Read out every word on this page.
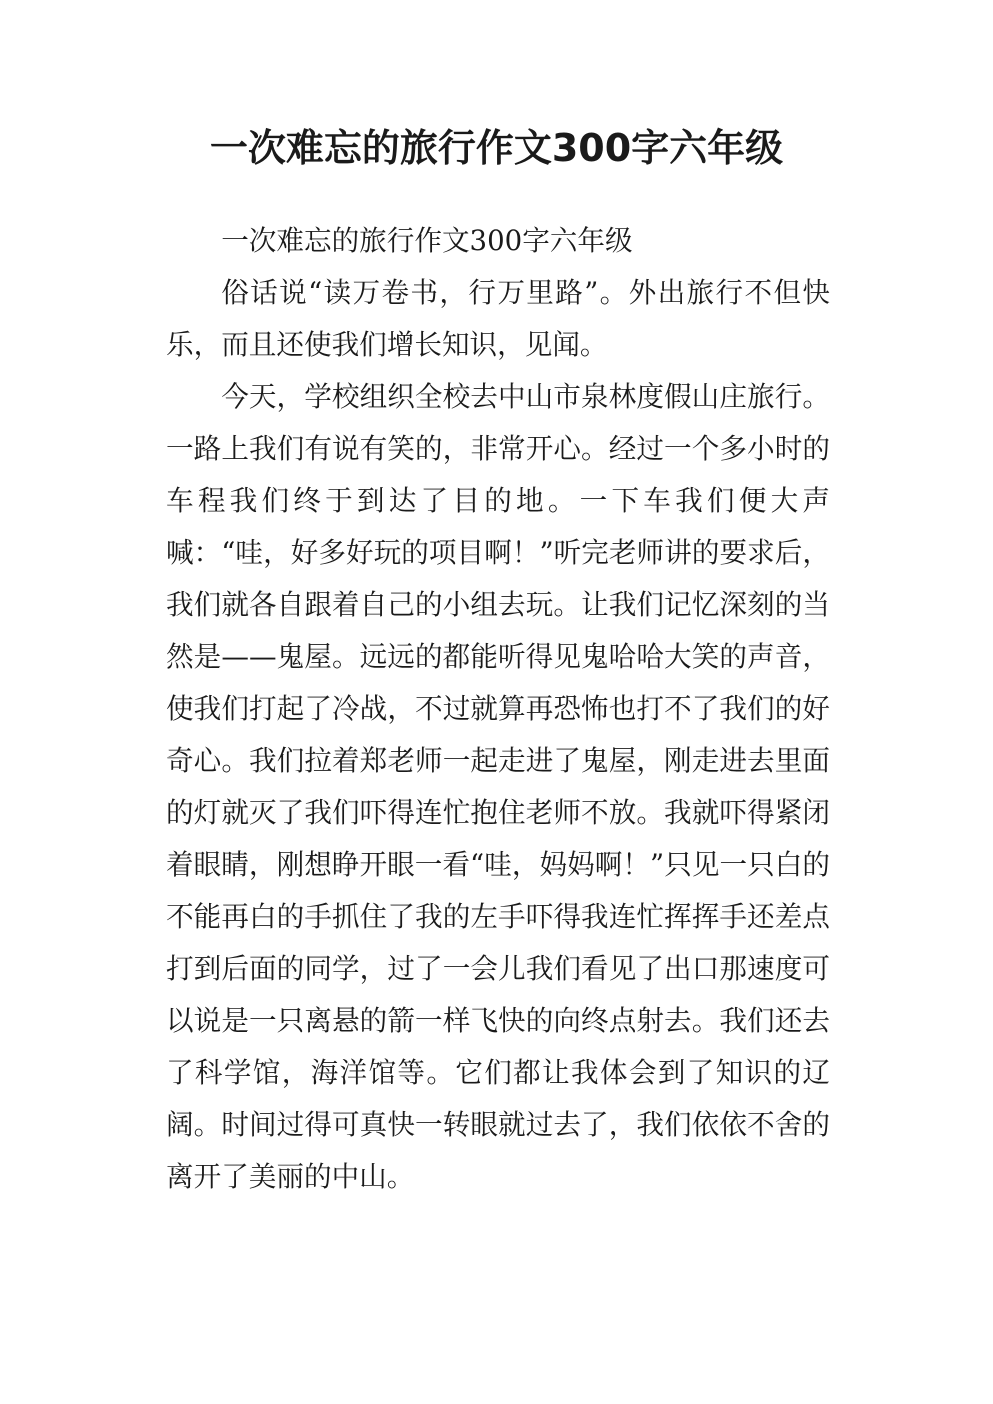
一次难忘的旅行作文300字六年级

一次难忘的旅行作文300字六年级

俗话说“读万卷书，行万里路”。外出旅行不但快乐，而且还使我们增长知识，见闻。

今天，学校组织全校去中山市泉林度假山庄旅行。一路上我们有说有笑的，非常开心。经过一个多小时的车程我们终于到达了目的地。一下车我们便大声喊：“哇，好多好玩的项目啊！”听完老师讲的要求后，我们就各自跟着自己的小组去玩。让我们记忆深刻的当然是——鬼屋。远远的都能听得见鬼哈哈大笑的声音，使我们打起了冷战，不过就算再恐怖也打不了我们的好奇心。我们拉着郑老师一起走进了鬼屋，刚走进去里面的灯就灭了我们吓得连忙抱住老师不放。我就吓得紧闭着眼睛，刚想睁开眼一看“哇，妈妈啊！”只见一只白的不能再白的手抓住了我的左手吓得我连忙挥挥手还差点打到后面的同学，过了一会儿我们看见了出口那速度可以说是一只离悬的箭一样飞快的向终点射去。我们还去了科学馆，海洋馆等。它们都让我体会到了知识的辽阔。时间过得可真快一转眼就过去了，我们依依不舍的离开了美丽的中山。
